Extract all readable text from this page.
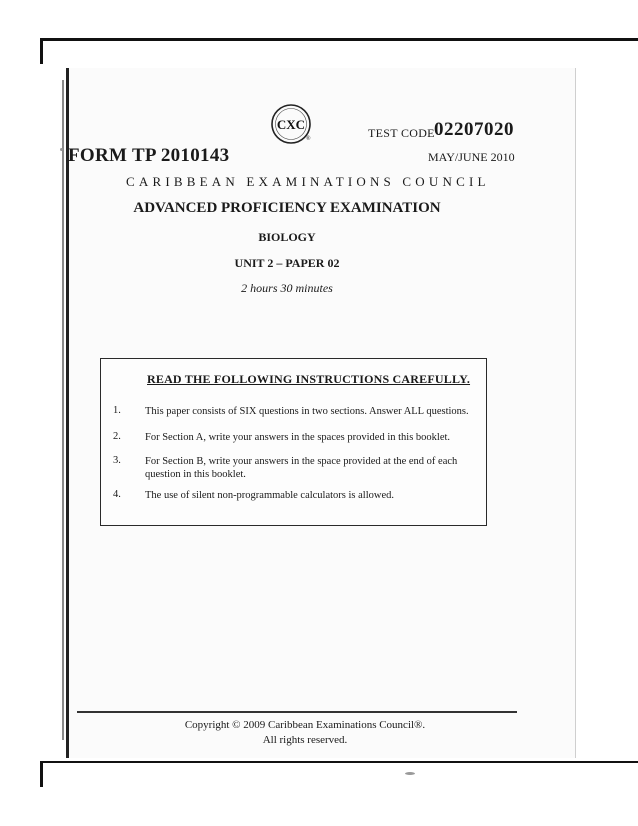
CXC
®	TEST CODE 02207020
FORM TP 2010143	MAY/JUNE 2010
CARIBBEAN EXAMINATIONS COUNCIL
ADVANCED PROFICIENCY EXAMINATION
BIOLOGY
UNIT 2 – PAPER 02
2 hours 30 minutes
READ THE FOLLOWING INSTRUCTIONS CAREFULLY.
1. This paper consists of SIX questions in two sections. Answer ALL questions.
2. For Section A, write your answers in the spaces provided in this booklet.
3. For Section B, write your answers in the space provided at the end of each question in this booklet.
4. The use of silent non-programmable calculators is allowed.
Copyright © 2009 Caribbean Examinations Council®.
All rights reserved.
